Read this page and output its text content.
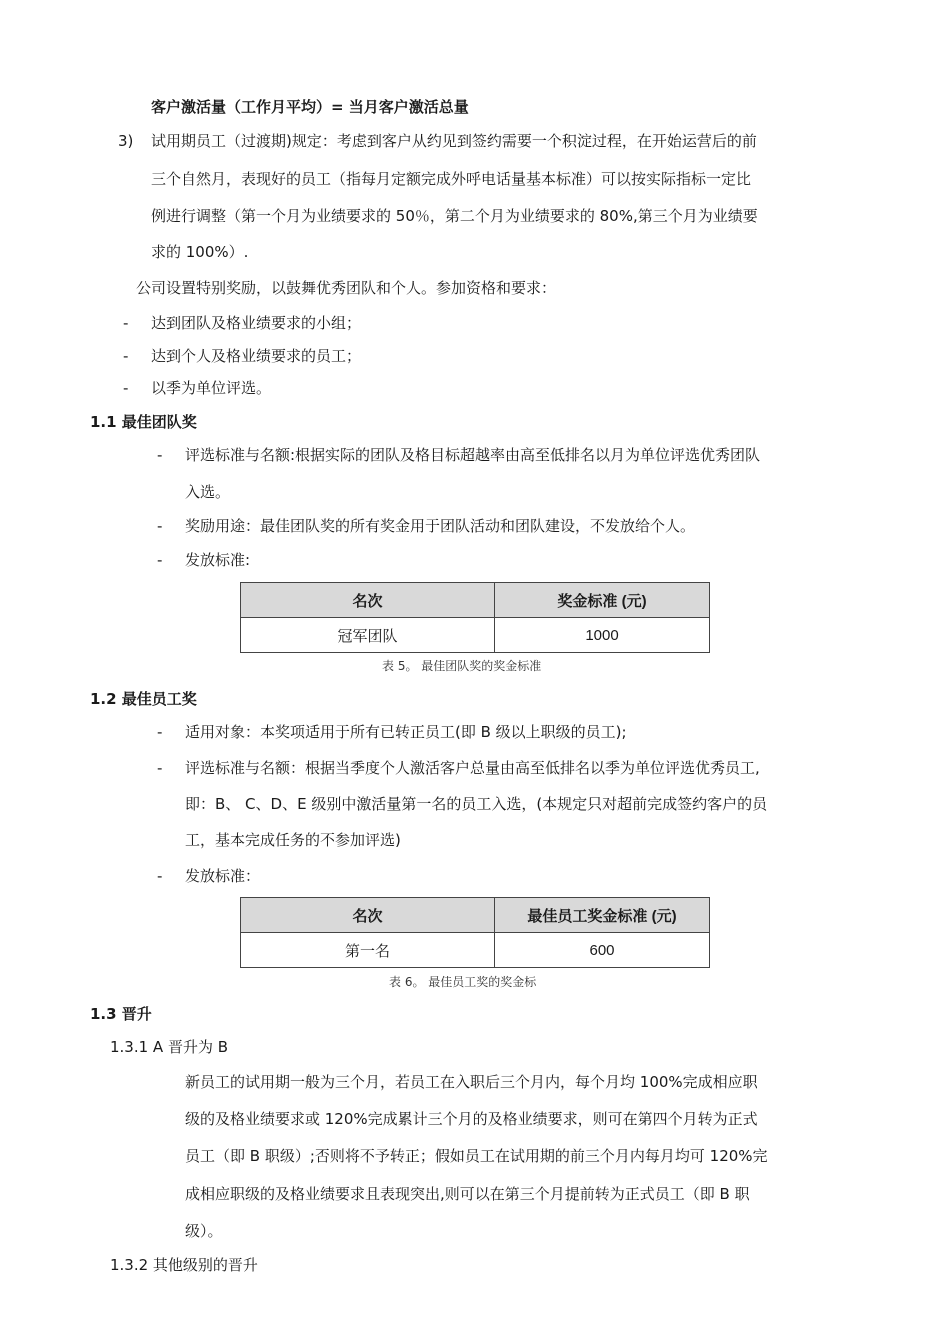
客户激活量（工作月平均）= 当月客户激活总量
3) 试用期员工（过渡期)规定：考虑到客户从约见到签约需要一个积淀过程，在开始运营后的前
三个自然月，表现好的员工（指每月定额完成外呼电话量基本标准）可以按实际指标一定比
例进行调整（第一个月为业绩要求的 50％，第二个月为业绩要求的 80%,第三个月为业绩要
求的 100%）.
公司设置特别奖励，以鼓舞优秀团队和个人。参加资格和要求：
- 达到团队及格业绩要求的小组；
- 达到个人及格业绩要求的员工；
- 以季为单位评选。
1.1 最佳团队奖
- 评选标准与名额:根据实际的团队及格目标超越率由高至低排名以月为单位评选优秀团队
入选。
- 奖励用途：最佳团队奖的所有奖金用于团队活动和团队建设，不发放给个人。
- 发放标准:
名次	奖金标准 (元)
冠军团队	1000
表 5。 最佳团队奖的奖金标准
1.2 最佳员工奖
- 适用对象：本奖项适用于所有已转正员工(即 B 级以上职级的员工);
- 评选标准与名额：根据当季度个人激活客户总量由高至低排名以季为单位评选优秀员工,
即：B、 C、D、E 级别中激活量第一名的员工入选，(本规定只对超前完成签约客户的员
工，基本完成任务的不参加评选)
- 发放标准：
名次	最佳员工奖金标准 (元)
第一名	600
表 6。 最佳员工奖的奖金标
1.3 晋升
1.3.1 A 晋升为 B
新员工的试用期一般为三个月，若员工在入职后三个月内，每个月均 100%完成相应职
级的及格业绩要求或 120%完成累计三个月的及格业绩要求，则可在第四个月转为正式
员工（即 B 职级）;否则将不予转正；假如员工在试用期的前三个月内每月均可 120%完
成相应职级的及格业绩要求且表现突出,则可以在第三个月提前转为正式员工（即 B 职
级）。
1.3.2 其他级别的晋升
